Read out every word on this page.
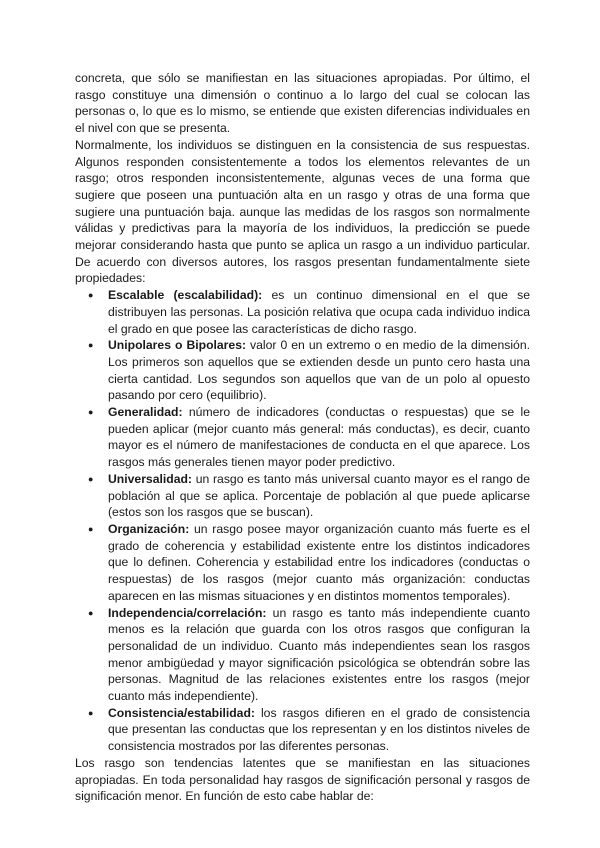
concreta, que sólo se manifiestan en las situaciones apropiadas. Por último, el rasgo constituye una dimensión o continuo a lo largo del cual se colocan las personas o, lo que es lo mismo, se entiende que existen diferencias individuales en el nivel con que se presenta.

Normalmente, los individuos se distinguen en la consistencia de sus respuestas. Algunos responden consistentemente a todos los elementos relevantes de un rasgo; otros responden inconsistentemente, algunas veces de una forma que sugiere que poseen una puntuación alta en un rasgo y otras de una forma que sugiere una puntuación baja. aunque las medidas de los rasgos son normalmente válidas y predictivas para la mayoría de los individuos, la predicción se puede mejorar considerando hasta que punto se aplica un rasgo a un individuo particular. De acuerdo con diversos autores, los rasgos presentan fundamentalmente siete propiedades:

● Escalable (escalabilidad): es un continuo dimensional en el que se distribuyen las personas. La posición relativa que ocupa cada individuo indica el grado en que posee las características de dicho rasgo.
● Unipolares o Bipolares: valor 0 en un extremo o en medio de la dimensión. Los primeros son aquellos que se extienden desde un punto cero hasta una cierta cantidad. Los segundos son aquellos que van de un polo al opuesto pasando por cero (equilibrio).
● Generalidad: número de indicadores (conductas o respuestas) que se le pueden aplicar (mejor cuanto más general: más conductas), es decir, cuanto mayor es el número de manifestaciones de conducta en el que aparece. Los rasgos más generales tienen mayor poder predictivo.
● Universalidad: un rasgo es tanto más universal cuanto mayor es el rango de población al que se aplica. Porcentaje de población al que puede aplicarse (estos son los rasgos que se buscan).
● Organización: un rasgo posee mayor organización cuanto más fuerte es el grado de coherencia y estabilidad existente entre los distintos indicadores que lo definen. Coherencia y estabilidad entre los indicadores (conductas o respuestas) de los rasgos (mejor cuanto más organización: conductas aparecen en las mismas situaciones y en distintos momentos temporales).
● Independencia/correlación: un rasgo es tanto más independiente cuanto menos es la relación que guarda con los otros rasgos que configuran la personalidad de un individuo. Cuanto más independientes sean los rasgos menor ambigüedad y mayor significación psicológica se obtendrán sobre las personas. Magnitud de las relaciones existentes entre los rasgos (mejor cuanto más independiente).
● Consistencia/estabilidad: los rasgos difieren en el grado de consistencia que presentan las conductas que los representan y en los distintos niveles de consistencia mostrados por las diferentes personas.

Los rasgo son tendencias latentes que se manifiestan en las situaciones apropiadas. En toda personalidad hay rasgos de significación personal y rasgos de significación menor. En función de esto cabe hablar de:
